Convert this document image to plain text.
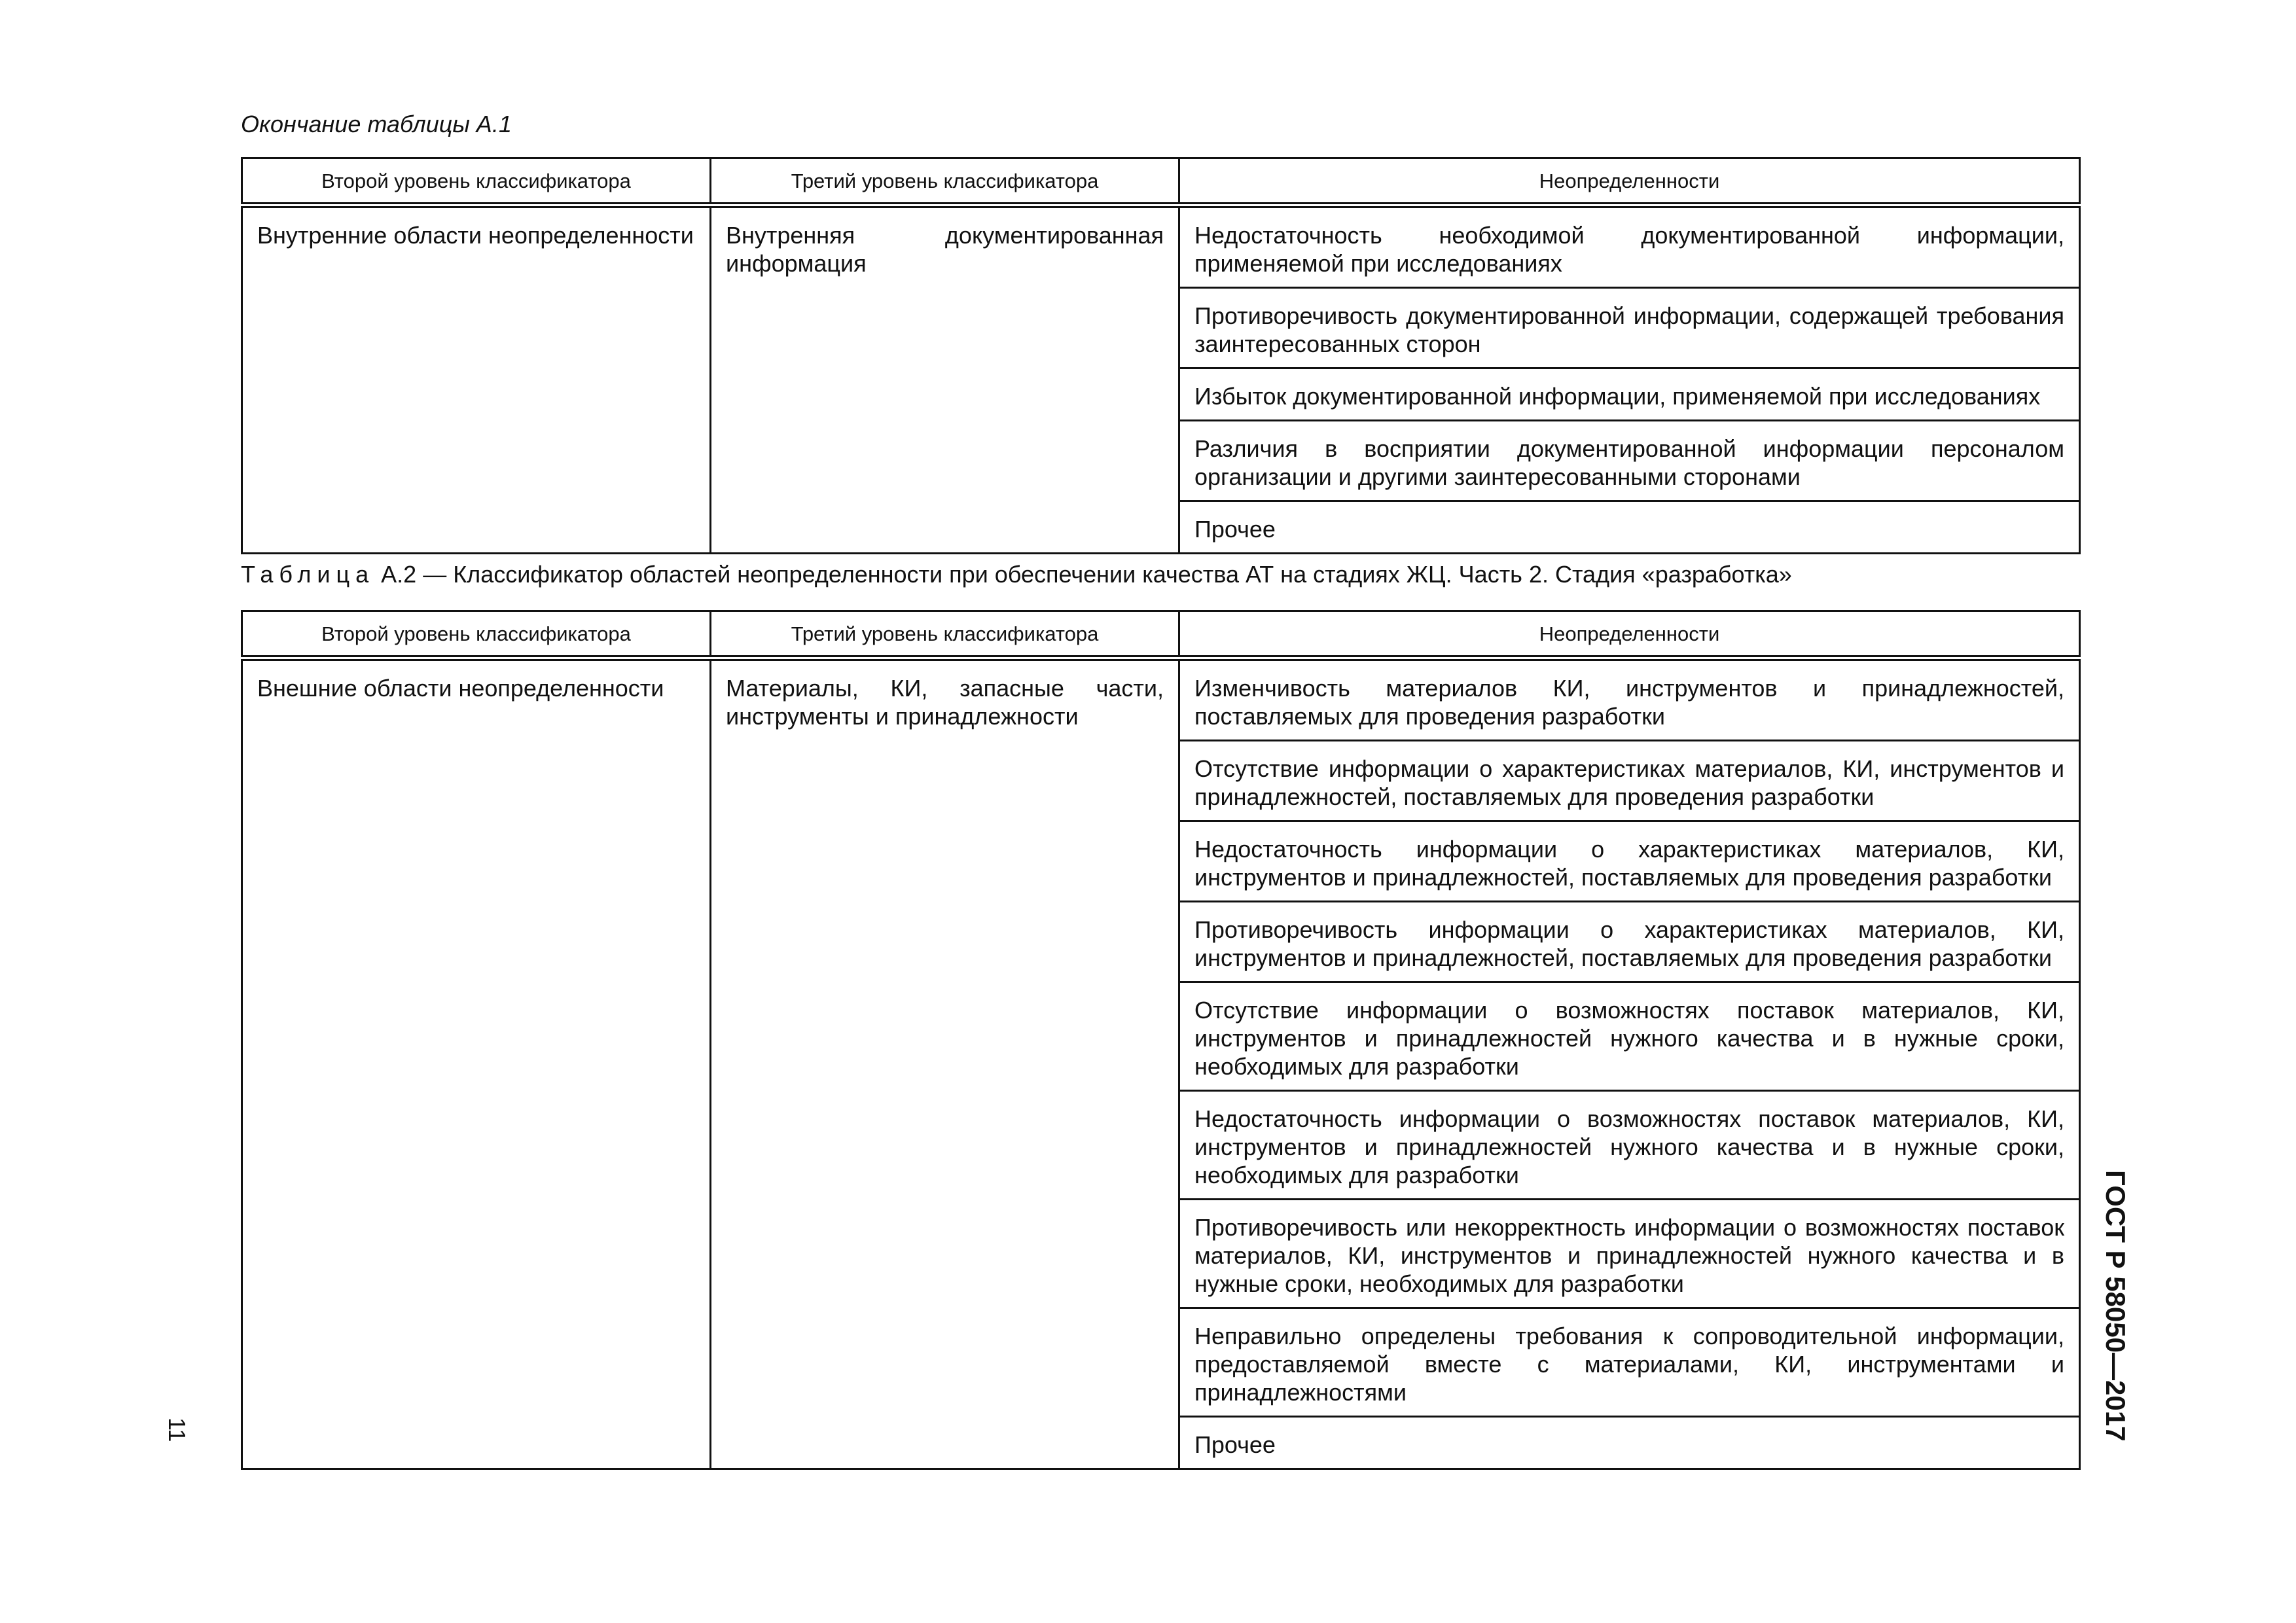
Окончание таблицы А.1
Второй уровень классификатора	Третий уровень классификатора	Неопределенности
Внутренние области неопределенности	Внутренняя документированная информация	Недостаточность необходимой документированной информации, применяемой при исследованиях
		Противоречивость документированной информации, содержащей требования заинтересованных сторон
		Избыток документированной информации, применяемой при исследованиях
		Различия в восприятии документированной информации персоналом организации и другими заинтересованными сторонами
		Прочее
Таблица А.2 — Классификатор областей неопределенности при обеспечении качества АТ на стадиях ЖЦ. Часть 2. Стадия «разработка»
Второй уровень классификатора	Третий уровень классификатора	Неопределенности
Внешние области неопределенности	Материалы, КИ, запасные части, инструменты и принадлежности	Изменчивость материалов КИ, инструментов и принадлежностей, поставляемых для проведения разработки
		Отсутствие информации о характеристиках материалов, КИ, инструментов и принадлежностей, поставляемых для проведения разработки
		Недостаточность информации о характеристиках материалов, КИ, инструментов и принадлежностей, поставляемых для проведения разработки
		Противоречивость информации о характеристиках материалов, КИ, инструментов и принадлежностей, поставляемых для проведения разработки
		Отсутствие информации о возможностях поставок материалов, КИ, инструментов и принадлежностей нужного качества и в нужные сроки, необходимых для разработки
		Недостаточность информации о возможностях поставок материалов, КИ, инструментов и принадлежностей нужного качества и в нужные сроки, необходимых для разработки
		Противоречивость или некорректность информации о возможностях поставок материалов, КИ, инструментов и принадлежностей нужного качества и в нужные сроки, необходимых для разработки
		Неправильно определены требования к сопроводительной информации, предоставляемой вместе с материалами, КИ, инструментами и принадлежностями
		Прочее
ГОСТ Р 58050—2017
11
